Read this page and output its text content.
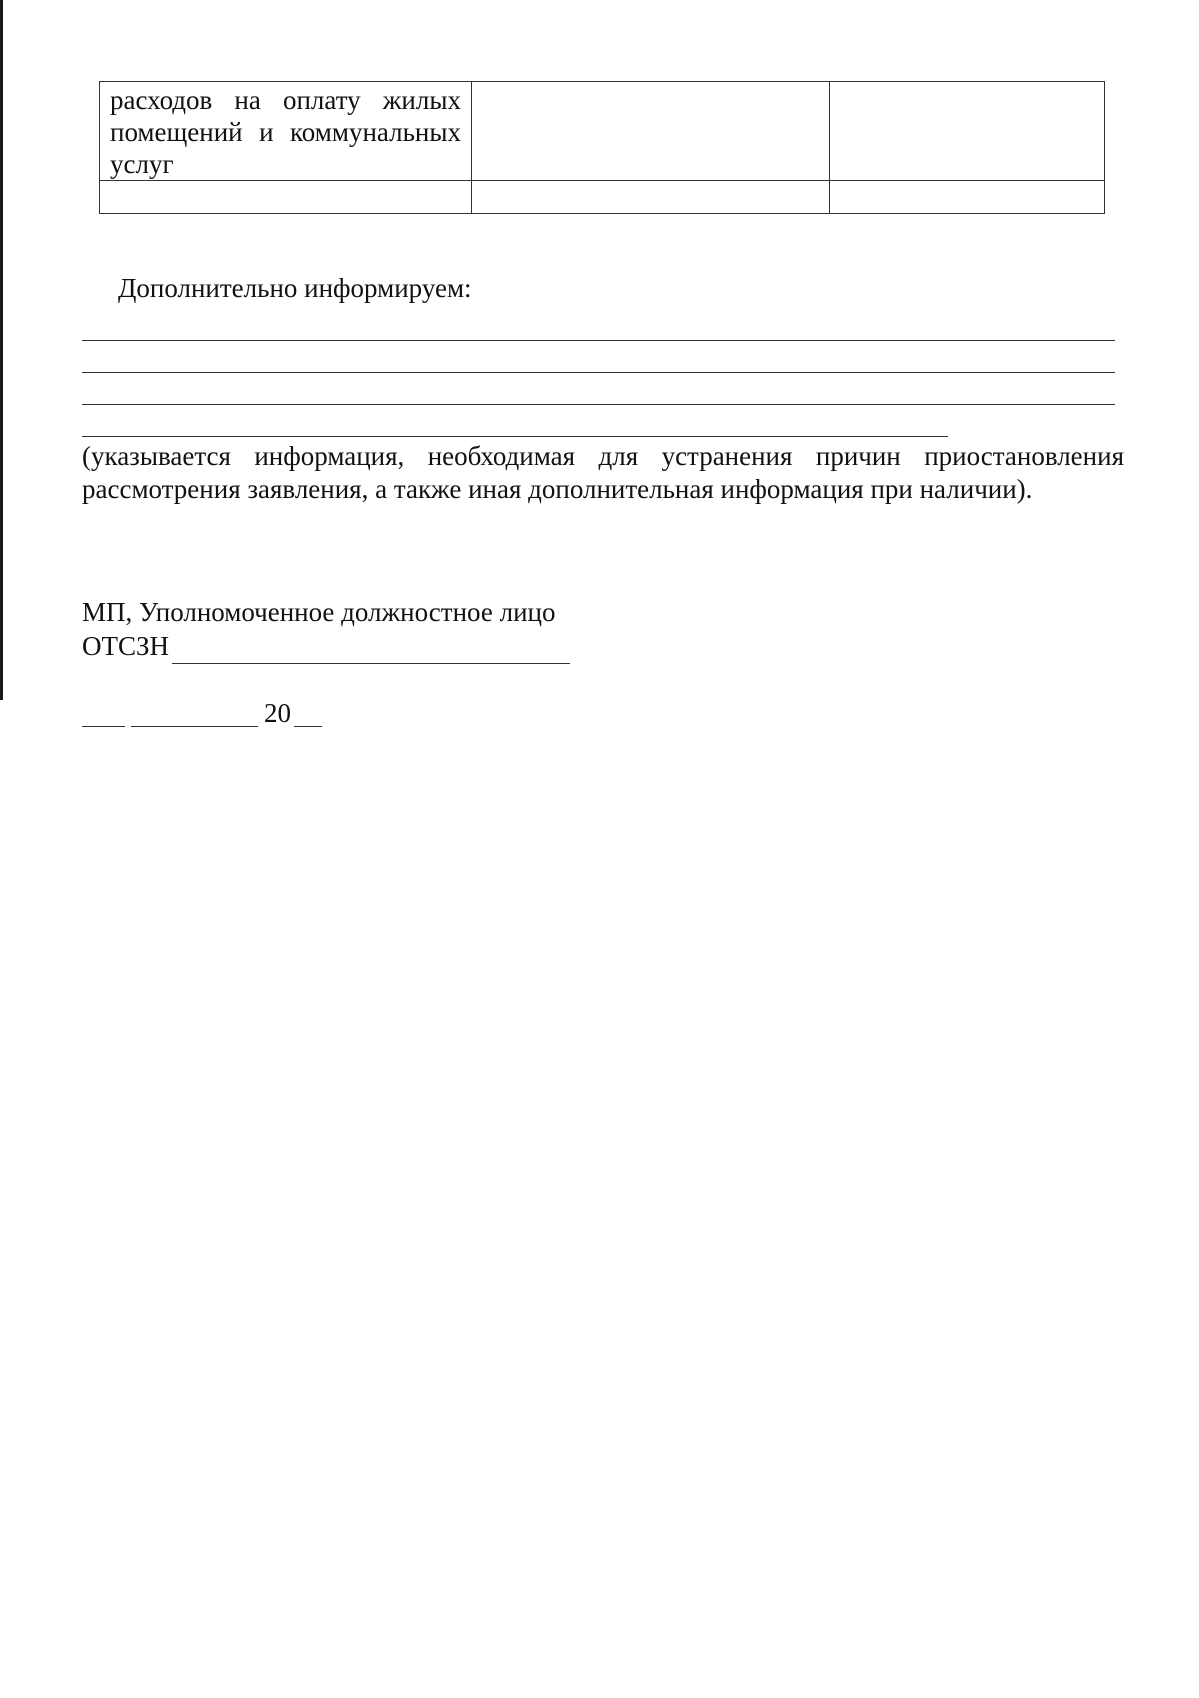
расходов на оплату жилых помещений и коммунальных услуг		

Дополнительно информируем:
(указывается информация, необходимая для устранения причин приостановления рассмотрения заявления, а также иная дополнительная информация при наличии).
МП, Уполномоченное должностное лицо
ОТСЗН
20
